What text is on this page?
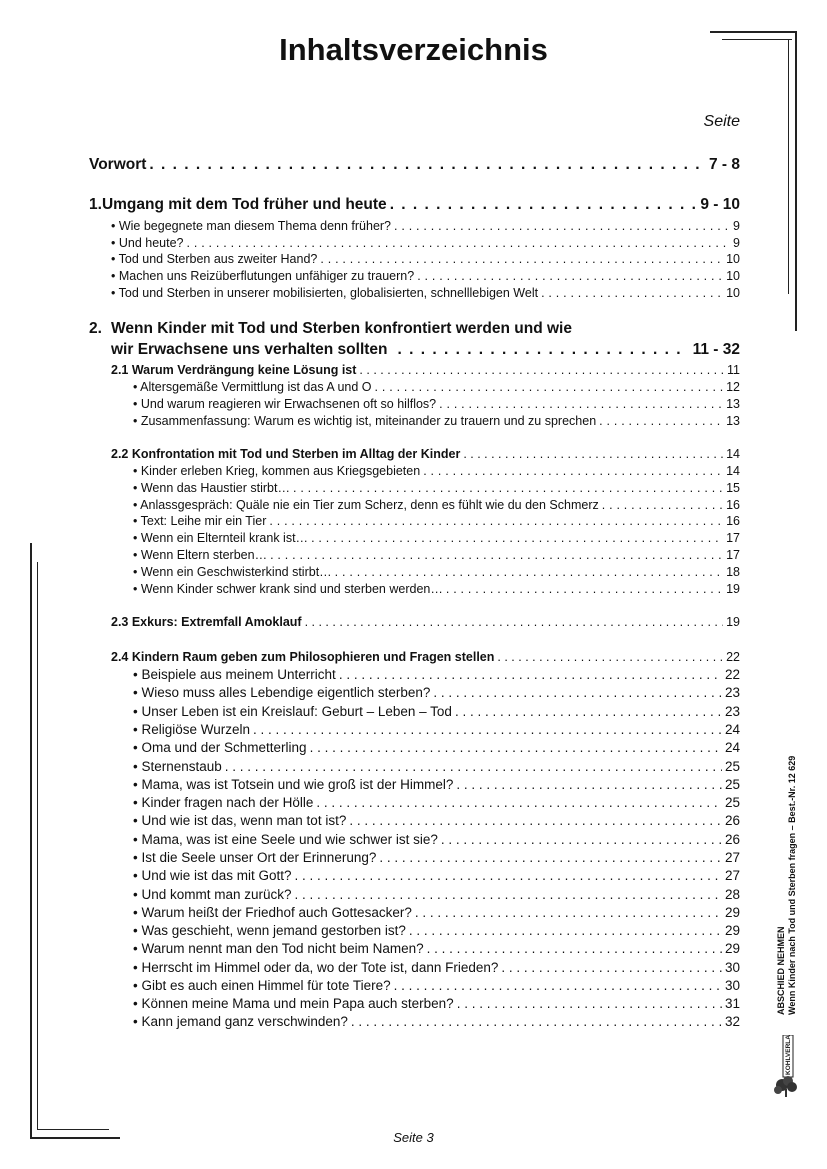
Inhaltsverzeichnis
Seite
Vorwort . . .	7 - 8
1. Umgang mit dem Tod früher und heute . . .	9 - 10
• Wie begegnete man diesem Thema denn früher? . . .	9
• Und heute? . . .	9
• Tod und Sterben aus zweiter Hand? . . .	10
• Machen uns Reizüberflutungen unfähiger zu trauern? . . .	10
• Tod und Sterben in unserer mobilisierten, globalisierten, schnelllebigen Welt . . .	10
2. Wenn Kinder mit Tod und Sterben konfrontiert werden und wie
wir Erwachsene uns verhalten sollten . . .	11 - 32
2.1 Warum Verdrängung keine Lösung ist . . .	11
• Altersgemäße Vermittlung ist das A und O . . .	12
• Und warum reagieren wir Erwachsenen oft so hilflos? . . .	13
• Zusammenfassung: Warum es wichtig ist, miteinander zu trauern und zu sprechen . . .	13
2.2 Konfrontation mit Tod und Sterben im Alltag der Kinder . . .	14
• Kinder erleben Krieg, kommen aus Kriegsgebieten . . .	14
• Wenn das Haustier stirbt… . . .	15
• Anlassgespräch: Quäle nie ein Tier zum Scherz, denn es fühlt wie du den Schmerz . . .	16
• Text: Leihe mir ein Tier . . .	16
• Wenn ein Elternteil krank ist… . . .	17
• Wenn Eltern sterben… . . .	17
• Wenn ein Geschwisterkind stirbt… . . .	18
• Wenn Kinder schwer krank sind und sterben werden… . . .	19
2.3 Exkurs: Extremfall Amoklauf . . .	19
2.4 Kindern Raum geben zum Philosophieren und Fragen stellen . . .	22
• Beispiele aus meinem Unterricht . . .	22
• Wieso muss alles Lebendige eigentlich sterben? . . .	23
• Unser Leben ist ein Kreislauf: Geburt – Leben – Tod . . .	23
• Religiöse Wurzeln . . .	24
• Oma und der Schmetterling . . .	24
• Sternenstaub . . .	25
• Mama, was ist Totsein und wie groß ist der Himmel? . . .	25
• Kinder fragen nach der Hölle . . .	25
• Und wie ist das, wenn man tot ist? . . .	26
• Mama, was ist eine Seele und wie schwer ist sie? . . .	26
• Ist die Seele unser Ort der Erinnerung? . . .	27
• Und wie ist das mit Gott? . . .	27
• Und kommt man zurück? . . .	28
• Warum heißt der Friedhof auch Gottesacker? . . .	29
• Was geschieht, wenn jemand gestorben ist? . . .	29
• Warum nennt man den Tod nicht beim Namen? . . .	29
• Herrscht im Himmel oder da, wo der Tote ist, dann Frieden? . . .	30
• Gibt es auch einen Himmel für tote Tiere? . . .	30
• Können meine Mama und mein Papa auch sterben? . . .	31
• Kann jemand ganz verschwinden? . . .	32
ABSCHIED NEHMEN Wenn Kinder nach Tod und Sterben fragen – Best.-Nr. 12 629
KOHLVERLAG
Seite 3
